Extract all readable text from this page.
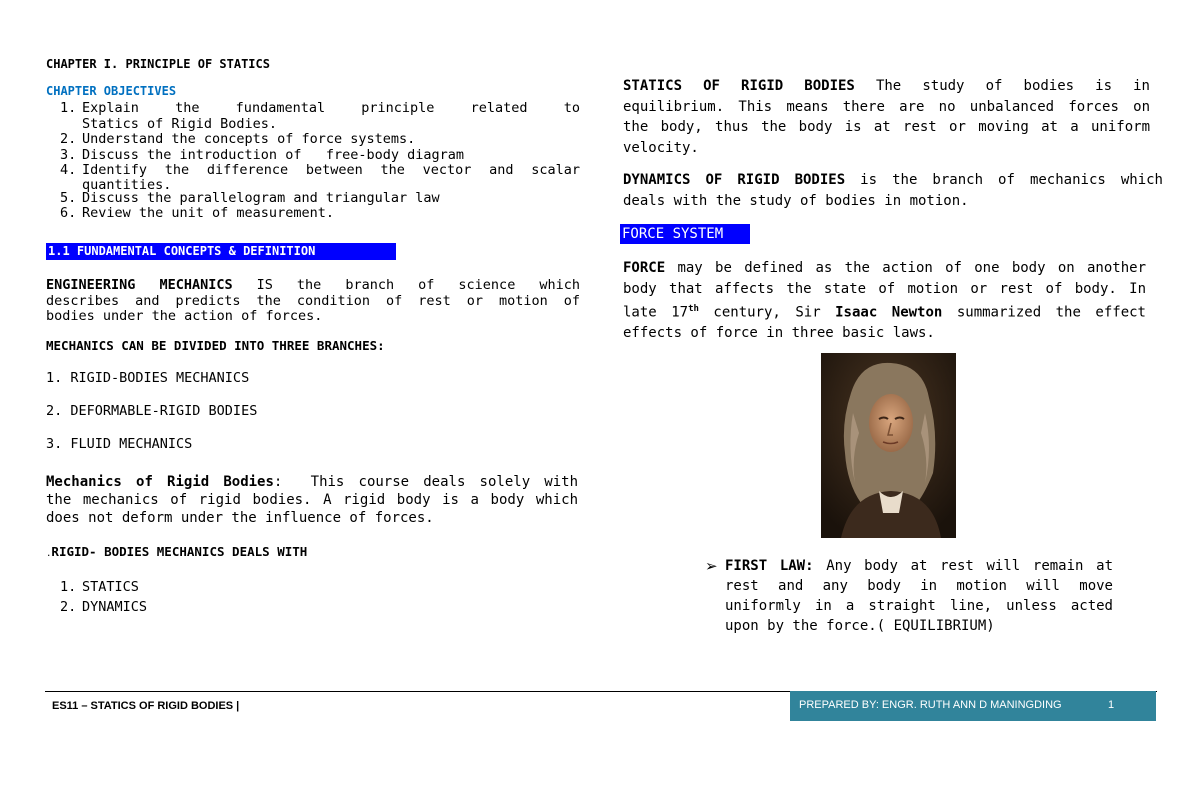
CHAPTER I. PRINCIPLE OF STATICS
CHAPTER OBJECTIVES
1. Explain the fundamental principle related to
Statics of Rigid Bodies.
2. Understand the concepts of force systems.
3. Discuss the introduction of   free-body diagram
4. Identify the difference between the vector and scalar
quantities.
5. Discuss the parallelogram and triangular law
6. Review the unit of measurement.
1.1 FUNDAMENTAL CONCEPTS & DEFINITION
ENGINEERING MECHANICS IS the branch of science which
describes and predicts the condition of rest or motion of
bodies under the action of forces.
MECHANICS CAN BE DIVIDED INTO THREE BRANCHES:
1. RIGID-BODIES MECHANICS
2. DEFORMABLE-RIGID BODIES
3. FLUID MECHANICS
Mechanics of Rigid Bodies:  This course deals solely with
the mechanics of rigid bodies. A rigid body is a body which
does not deform under the influence of forces.
.RIGID- BODIES MECHANICS DEALS WITH
1. STATICS
2. DYNAMICS
STATICS OF RIGID BODIES The study of bodies is in
equilibrium. This means there are no unbalanced forces on
the body, thus the body is at rest or moving at a uniform
velocity.
DYNAMICS OF RIGID BODIES is the branch of mechanics which
deals with the study of bodies in motion.
FORCE SYSTEM
FORCE may be defined as the action of one body on another
body that affects the state of motion or rest of body. In
late 17th century, Sir Isaac Newton summarized the effect
effects of force in three basic laws.
➢ FIRST LAW: Any body at rest will remain at
rest and any body in motion will move
uniformly in a straight line, unless acted
upon by the force.( EQUILIBRIUM)
ES11 – STATICS OF RIGID BODIES |	PREPARED BY: ENGR. RUTH ANN D MANINGDING	1
